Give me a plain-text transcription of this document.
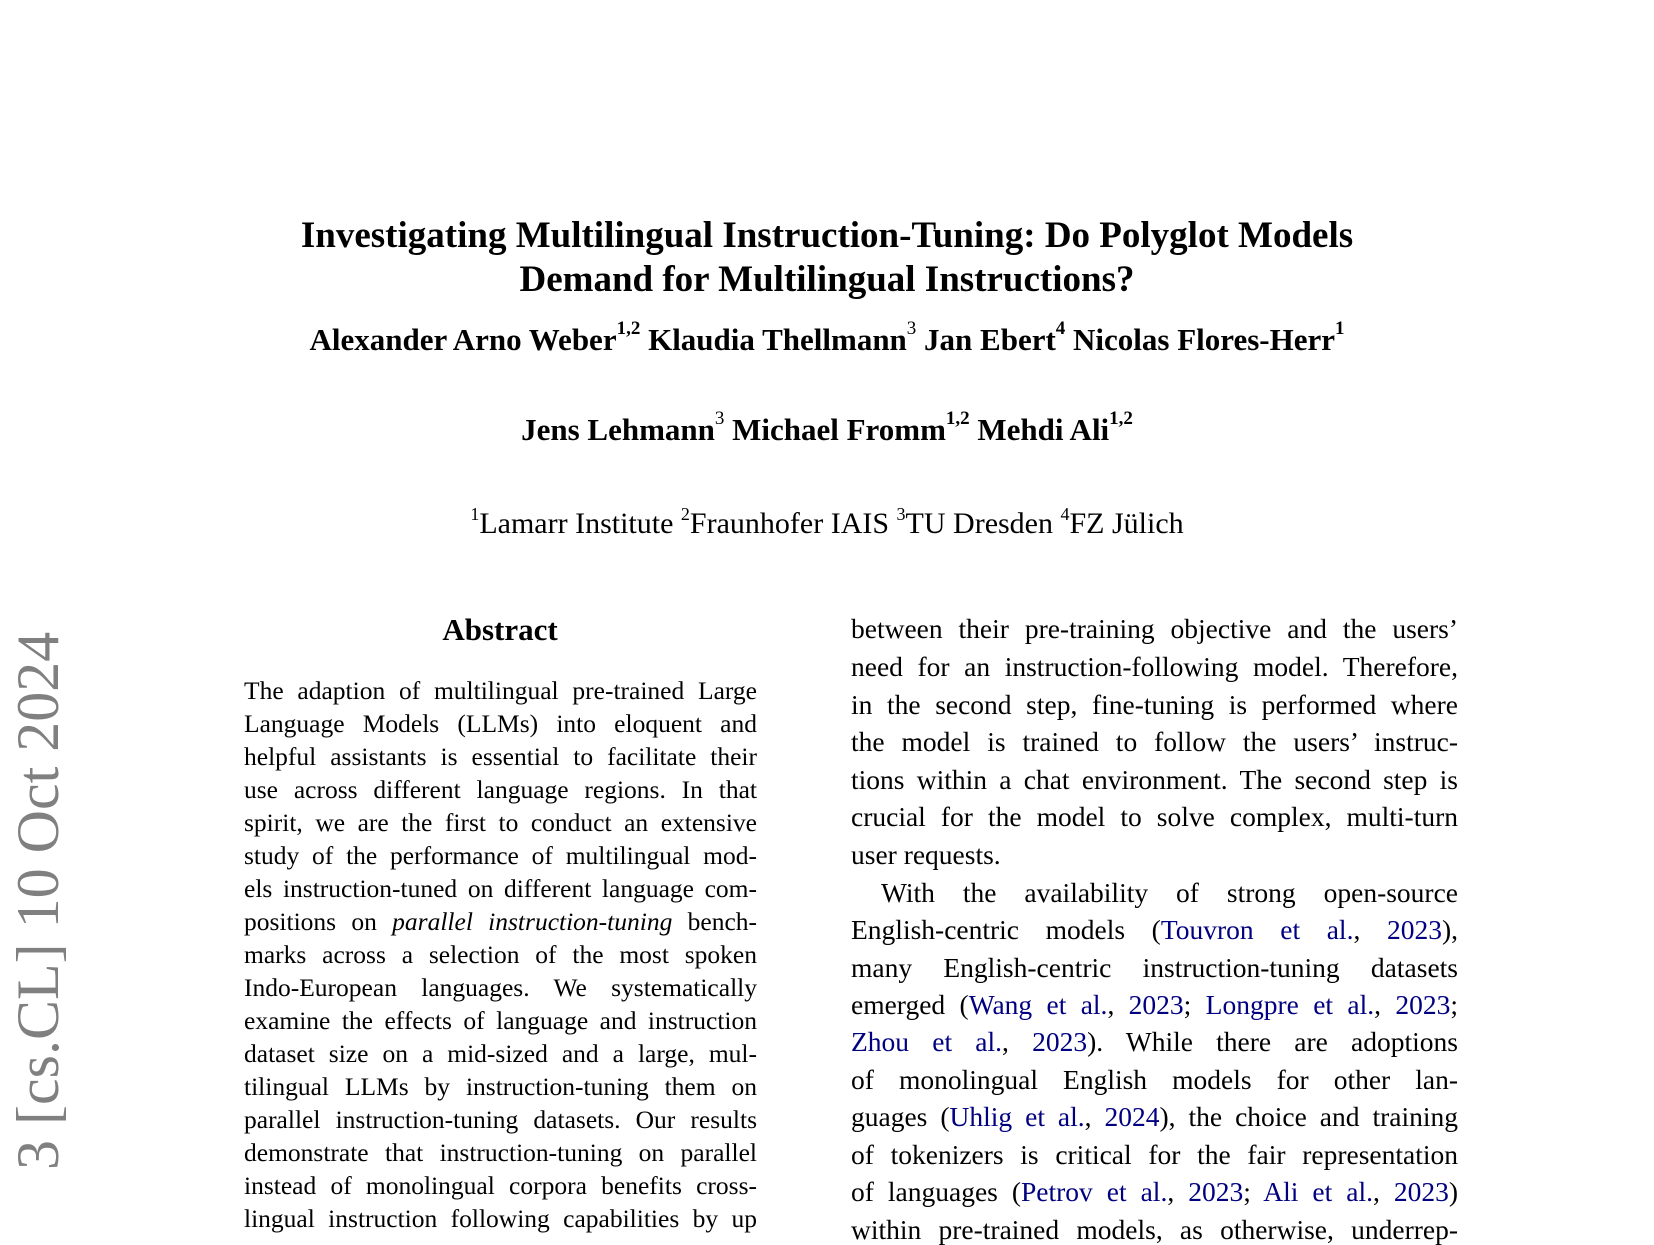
3 [cs.CL] 10 Oct 2024
Investigating Multilingual Instruction-Tuning: Do Polyglot Models
Demand for Multilingual Instructions?
Alexander Arno Weber$^{1,2}$ Klaudia Thellmann$^3$ Jan Ebert$^4$ Nicolas Flores-Herr$^1$
Jens Lehmann$^3$ Michael Fromm$^{1,2}$ Mehdi Ali$^{1,2}$
$^1$Lamarr Institute $^2$Fraunhofer IAIS $^3$TU Dresden $^4$FZ Jülich
Abstract
The adaption of multilingual pre-trained Large
Language Models (LLMs) into eloquent and
helpful assistants is essential to facilitate their
use across different language regions. In that
spirit, we are the first to conduct an extensive
study of the performance of multilingual mod-
els instruction-tuned on different language com-
positions on parallel instruction-tuning bench-
marks across a selection of the most spoken
Indo-European languages. We systematically
examine the effects of language and instruction
dataset size on a mid-sized and a large, mul-
tilingual LLMs by instruction-tuning them on
parallel instruction-tuning datasets. Our results
demonstrate that instruction-tuning on parallel
instead of monolingual corpora benefits cross-
lingual instruction following capabilities by up
between their pre-training objective and the users’
need for an instruction-following model. Therefore,
in the second step, fine-tuning is performed where
the model is trained to follow the users’ instruc-
tions within a chat environment. The second step is
crucial for the model to solve complex, multi-turn
user requests.
With the availability of strong open-source
English-centric models (Touvron et al., 2023),
many English-centric instruction-tuning datasets
emerged (Wang et al., 2023; Longpre et al., 2023;
Zhou et al., 2023). While there are adoptions
of monolingual English models for other lan-
guages (Uhlig et al., 2024), the choice and training
of tokenizers is critical for the fair representation
of languages (Petrov et al., 2023; Ali et al., 2023)
within pre-trained models, as otherwise, underrep-
